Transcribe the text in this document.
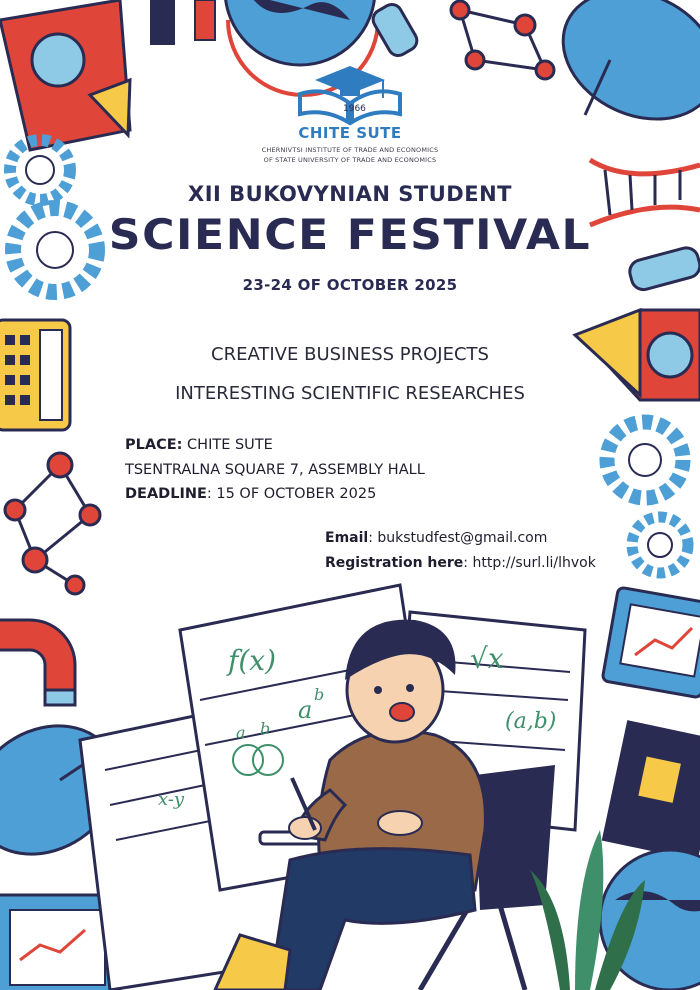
f(x)
a b
a
b
√x
(a,b)
x-y
1966
CHITE SUTE
CHERNIVTSI INSTITUTE OF TRADE AND ECONOMICS
OF STATE UNIVERSITY OF TRADE AND ECONOMICS
XII BUKOVYNIAN STUDENT
SCIENCE FESTIVAL
23-24 OF OCTOBER 2025
CREATIVE BUSINESS PROJECTS
INTERESTING SCIENTIFIC RESEARCHES
PLACE: CHITE SUTE
TSENTRALNA SQUARE 7, ASSEMBLY HALL
DEADLINE: 15 OF OCTOBER 2025
Email: bukstudfest@gmail.com
Registration here: http://surl.li/lhvok
